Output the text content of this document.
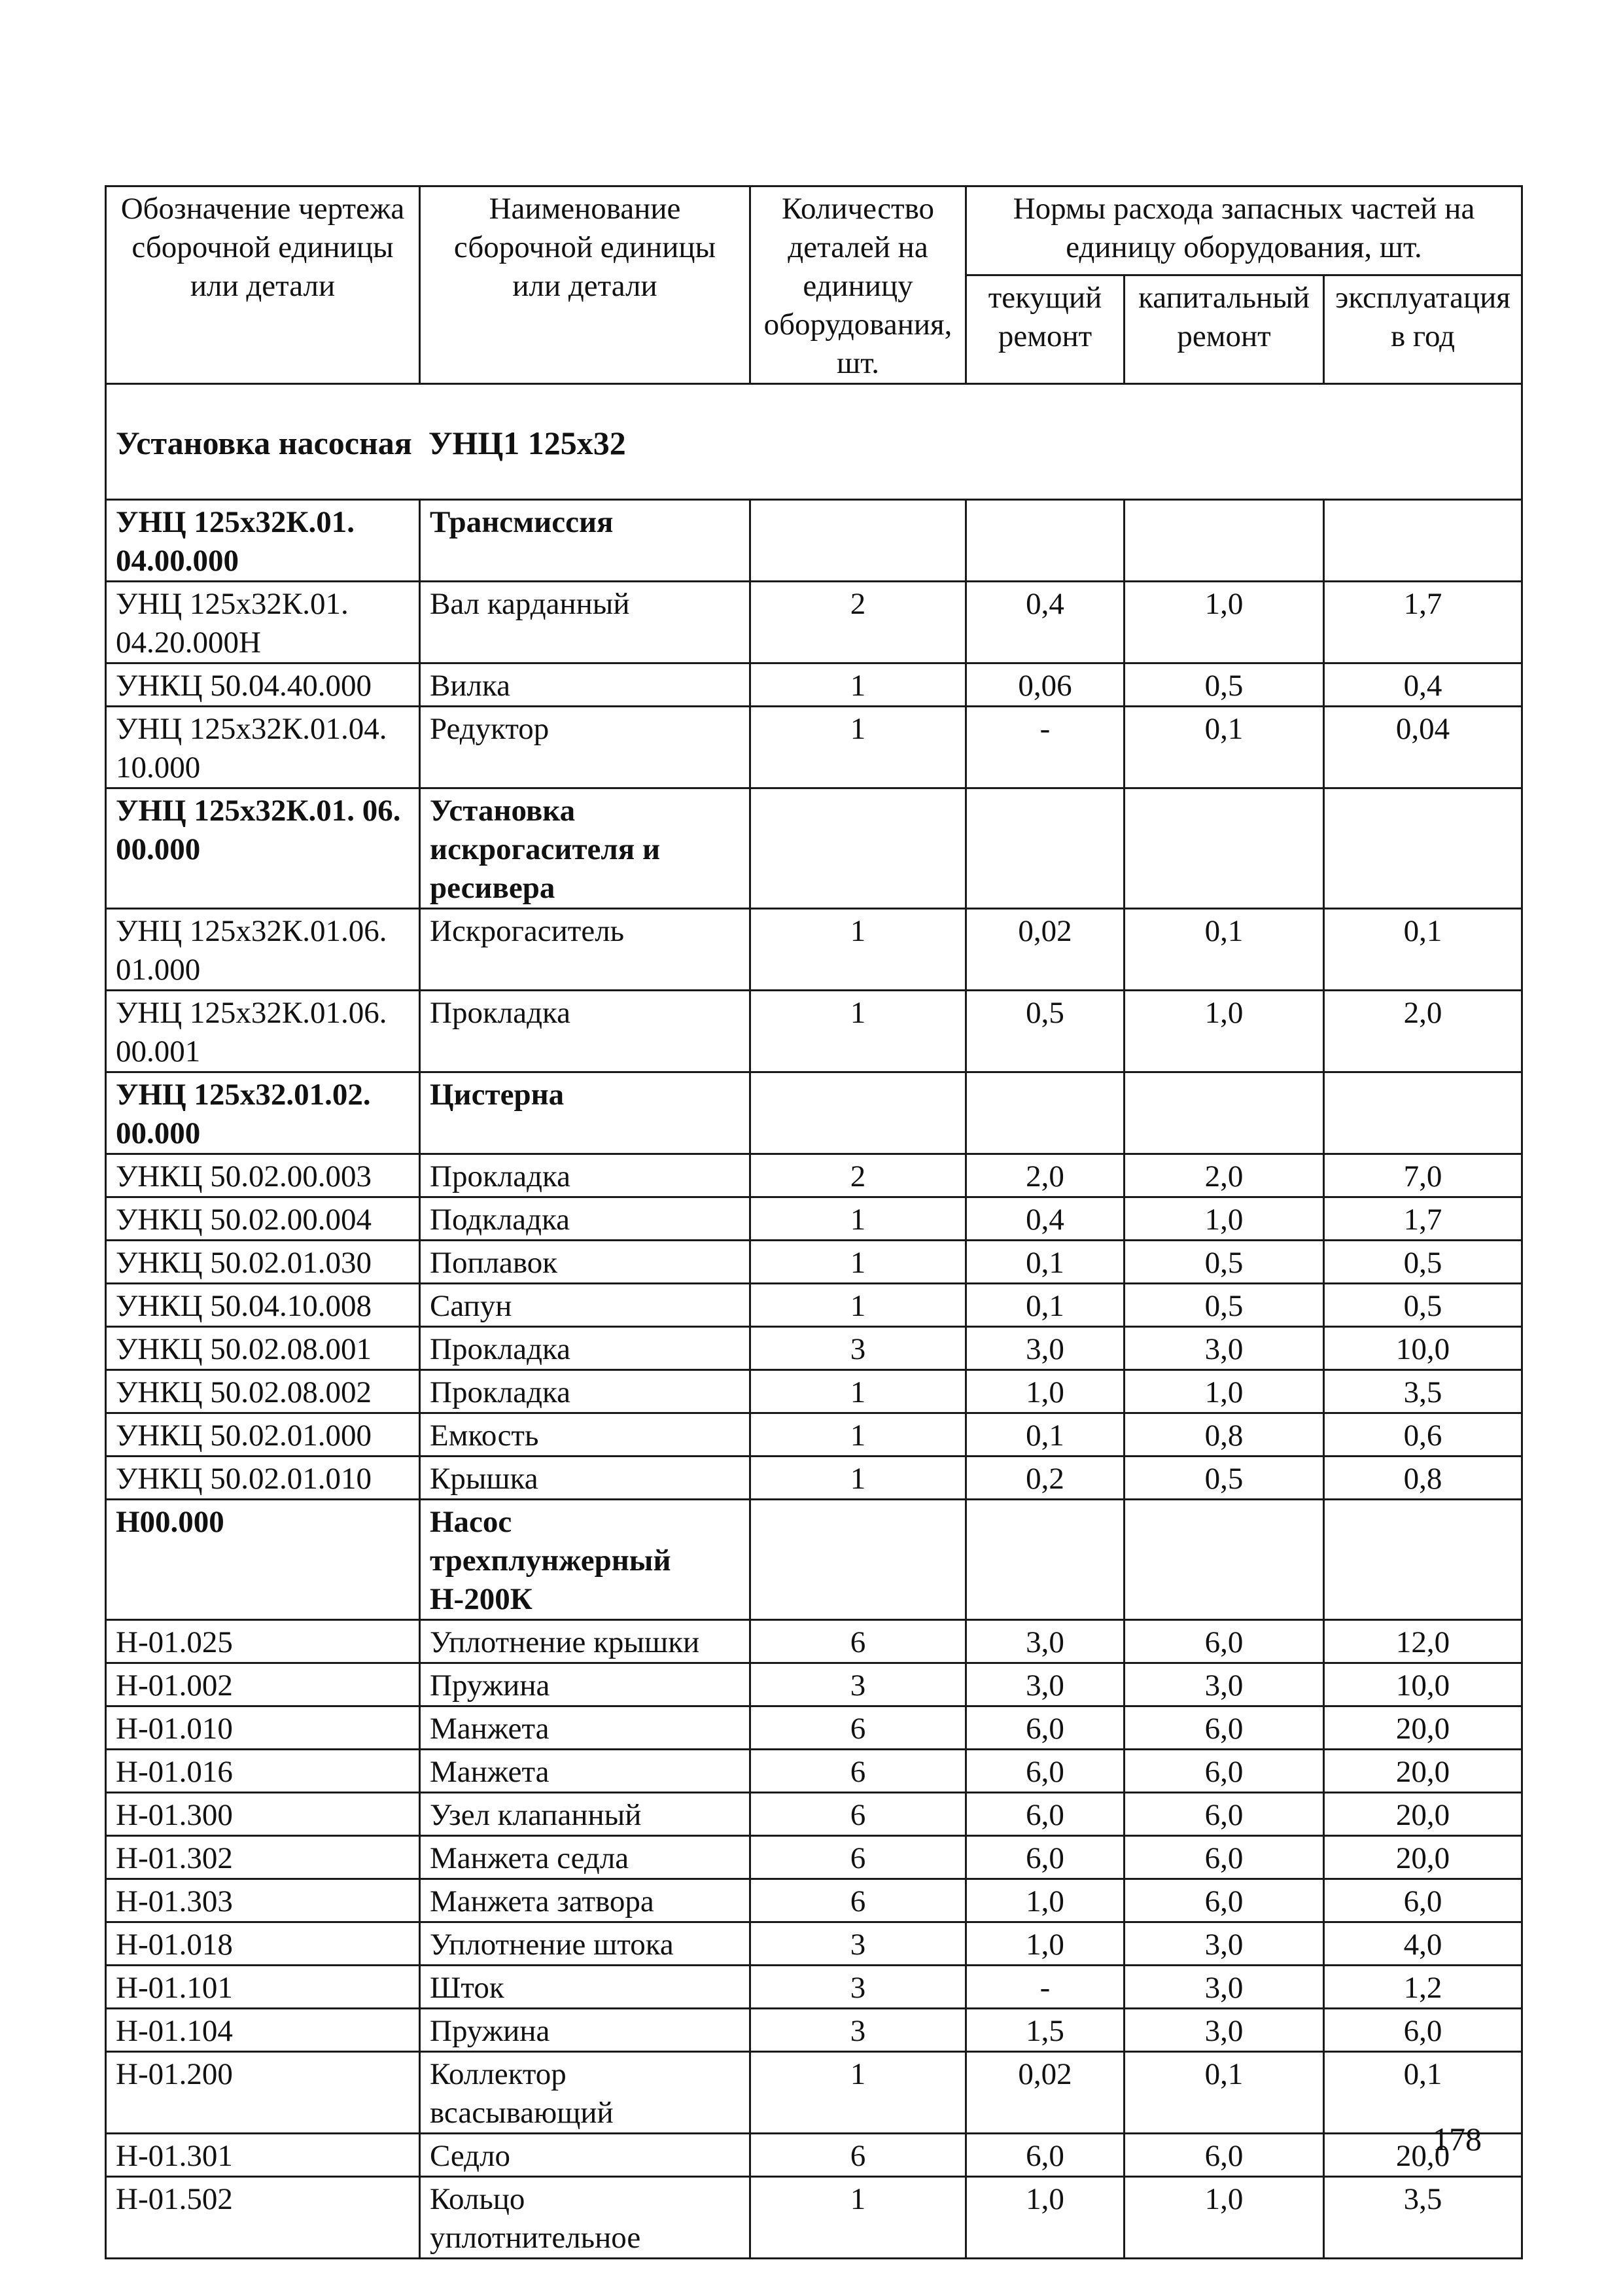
Обозначение чертежа сборочной единицы или детали	Наименование сборочной единицы или детали	Количество деталей на единицу оборудования, шт.	Нормы расхода запасных частей на единицу оборудования, шт.		
			текущий ремонт	капитальный ремонт	эксплуатация в год
Установка насосная  УНЦ1 125х32					
УНЦ 125х32К.01. 04.00.000	Трансмиссия				
УНЦ 125х32К.01. 04.20.000Н	Вал карданный	2	0,4	1,0	1,7
УНКЦ 50.04.40.000	Вилка	1	0,06	0,5	0,4
УНЦ 125х32К.01.04. 10.000	Редуктор	1	-	0,1	0,04
УНЦ 125х32К.01. 06. 00.000	Установка искрогасителя и ресивера				
УНЦ 125х32К.01.06. 01.000	Искрогаситель	1	0,02	0,1	0,1
УНЦ 125х32К.01.06. 00.001	Прокладка	1	0,5	1,0	2,0
УНЦ 125х32.01.02. 00.000	Цистерна				
УНКЦ 50.02.00.003	Прокладка	2	2,0	2,0	7,0
УНКЦ 50.02.00.004	Подкладка	1	0,4	1,0	1,7
УНКЦ 50.02.01.030	Поплавок	1	0,1	0,5	0,5
УНКЦ 50.04.10.008	Сапун	1	0,1	0,5	0,5
УНКЦ 50.02.08.001	Прокладка	3	3,0	3,0	10,0
УНКЦ 50.02.08.002	Прокладка	1	1,0	1,0	3,5
УНКЦ 50.02.01.000	Емкость	1	0,1	0,8	0,6
УНКЦ 50.02.01.010	Крышка	1	0,2	0,5	0,8
Н00.000	Насос трехплунжерный Н-200К				
Н-01.025	Уплотнение крышки	6	3,0	6,0	12,0
Н-01.002	Пружина	3	3,0	3,0	10,0
Н-01.010	Манжета	6	6,0	6,0	20,0
Н-01.016	Манжета	6	6,0	6,0	20,0
Н-01.300	Узел клапанный	6	6,0	6,0	20,0
Н-01.302	Манжета седла	6	6,0	6,0	20,0
Н-01.303	Манжета затвора	6	1,0	6,0	6,0
Н-01.018	Уплотнение штока	3	1,0	3,0	4,0
Н-01.101	Шток	3	-	3,0	1,2
Н-01.104	Пружина	3	1,5	3,0	6,0
Н-01.200	Коллектор всасывающий	1	0,02	0,1	0,1
Н-01.301	Седло	6	6,0	6,0	20,0
Н-01.502	Кольцо уплотнительное	1	1,0	1,0	3,5
178
